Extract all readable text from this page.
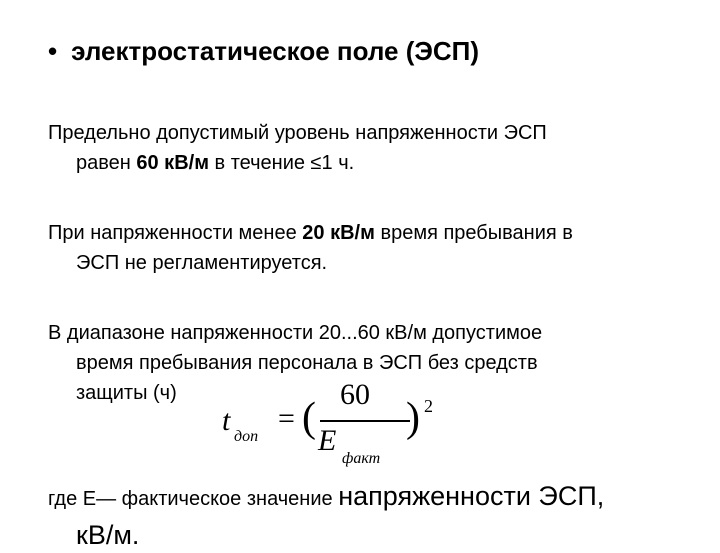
• электростатическое поле (ЭСП)
Предельно допустимый уровень напряженности ЭСП
равен 60 кВ/м в течение ≤1 ч.
При напряженности менее 20 кВ/м время пребывания в
ЭСП не регламентируется.
В диапазоне напряженности 20...60 кВ/м допустимое
время пребывания персонала в ЭСП без средств
защиты (ч)
t доп
= (
60
E
факт
) 2
где Е— фактическое значение напряженности ЭСП,
кВ/м.
